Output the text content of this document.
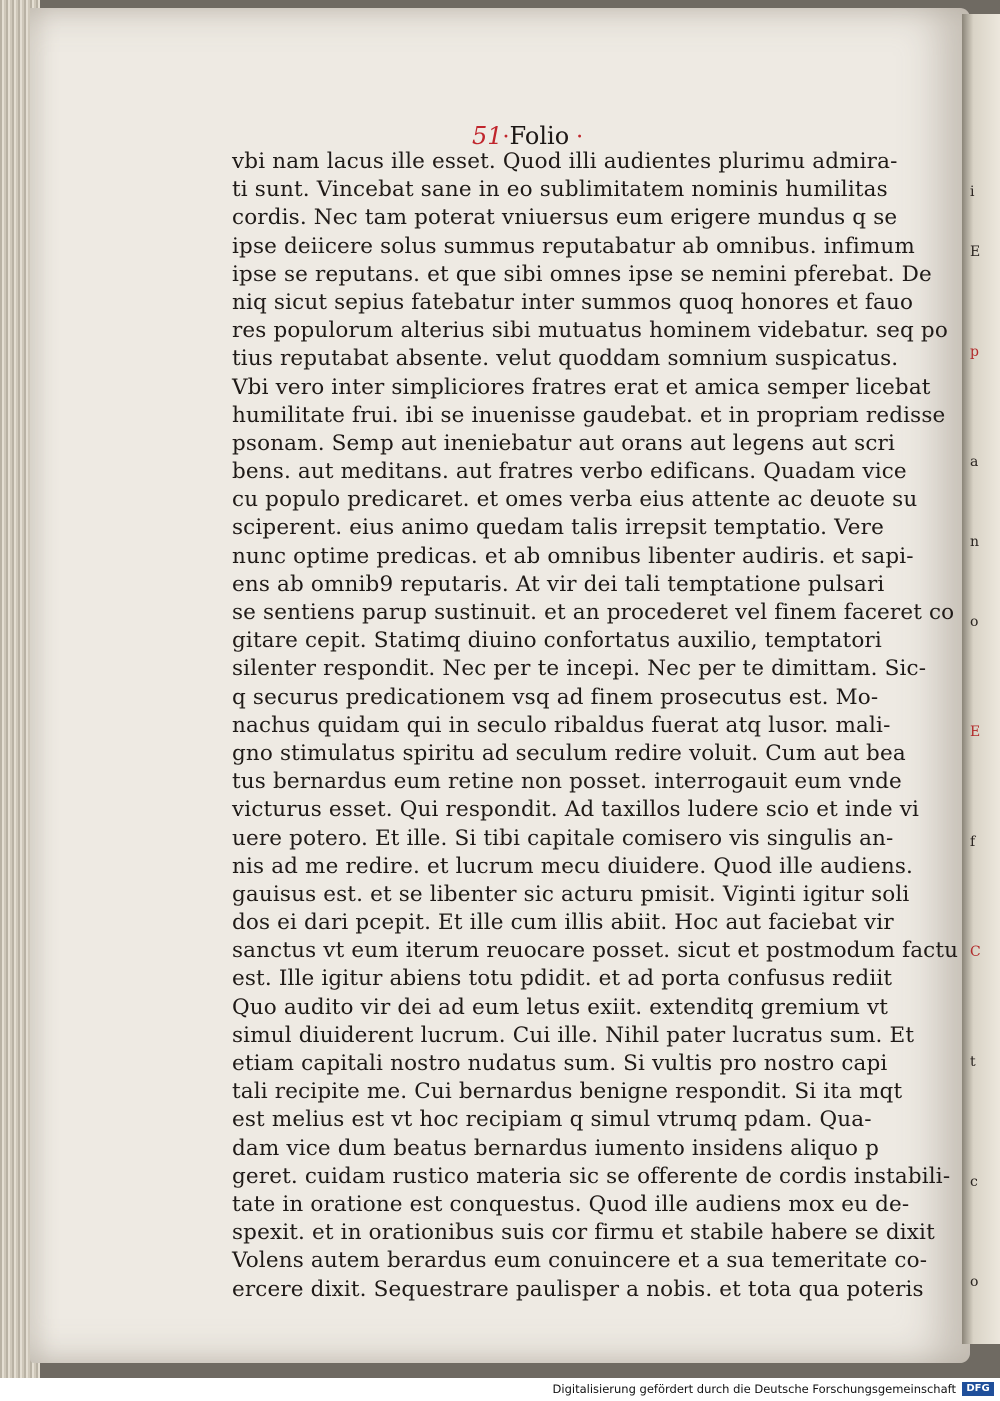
i
E
p
a
n
o
E
f
C
t
c
o
51·Folio ·
vbi nam lacus ille esset. Quod illi audientes plurimu admira-
ti sunt. Vincebat sane in eo sublimitatem nominis humilitas
cordis. Nec tam poterat vniuersus eum erigere mundus q se
ipse deiicere solus summus reputabatur ab omnibus. infimum
ipse se reputans. et que sibi omnes ipse se nemini pferebat. De
niq sicut sepius fatebatur inter summos quoq honores et fauo
res populorum alterius sibi mutuatus hominem videbatur. seq po
tius reputabat absente. velut quoddam somnium suspicatus.
Vbi vero inter simpliciores fratres erat et amica semper licebat
humilitate frui. ibi se inuenisse gaudebat. et in propriam redisse
psonam. Semp aut ineniebatur aut orans aut legens aut scri
bens. aut meditans. aut fratres verbo edificans. Quadam vice
cu populo predicaret. et omes verba eius attente ac deuote su
sciperent. eius animo quedam talis irrepsit temptatio. Vere
nunc optime predicas. et ab omnibus libenter audiris. et sapi-
ens ab omnib9 reputaris. At vir dei tali temptatione pulsari
se sentiens parup sustinuit. et an procederet vel finem faceret co
gitare cepit. Statimq diuino confortatus auxilio, temptatori
silenter respondit. Nec per te incepi. Nec per te dimittam. Sic-
q securus predicationem vsq ad finem prosecutus est. Mo-
nachus quidam qui in seculo ribaldus fuerat atq lusor. mali-
gno stimulatus spiritu ad seculum redire voluit. Cum aut bea
tus bernardus eum retine non posset. interrogauit eum vnde
victurus esset. Qui respondit. Ad taxillos ludere scio et inde vi
uere potero. Et ille. Si tibi capitale comisero vis singulis an-
nis ad me redire. et lucrum mecu diuidere. Quod ille audiens.
gauisus est. et se libenter sic acturu pmisit. Viginti igitur soli
dos ei dari pcepit. Et ille cum illis abiit. Hoc aut faciebat vir
sanctus vt eum iterum reuocare posset. sicut et postmodum factu
est. Ille igitur abiens totu pdidit. et ad porta confusus rediit
Quo audito vir dei ad eum letus exiit. extenditq gremium vt
simul diuiderent lucrum. Cui ille. Nihil pater lucratus sum. Et
etiam capitali nostro nudatus sum. Si vultis pro nostro capi
tali recipite me. Cui bernardus benigne respondit. Si ita mqt
est melius est vt hoc recipiam q simul vtrumq pdam. Qua-
dam vice dum beatus bernardus iumento insidens aliquo p
geret. cuidam rustico materia sic se offerente de cordis instabili-
tate in oratione est conquestus. Quod ille audiens mox eu de-
spexit. et in orationibus suis cor firmu et stabile habere se dixit
Volens autem berardus eum conuincere et a sua temeritate co-
ercere dixit. Sequestrare paulisper a nobis. et tota qua poteris
Digitalisierung gefördert durch die Deutsche Forschungsgemeinschaft	DFG
